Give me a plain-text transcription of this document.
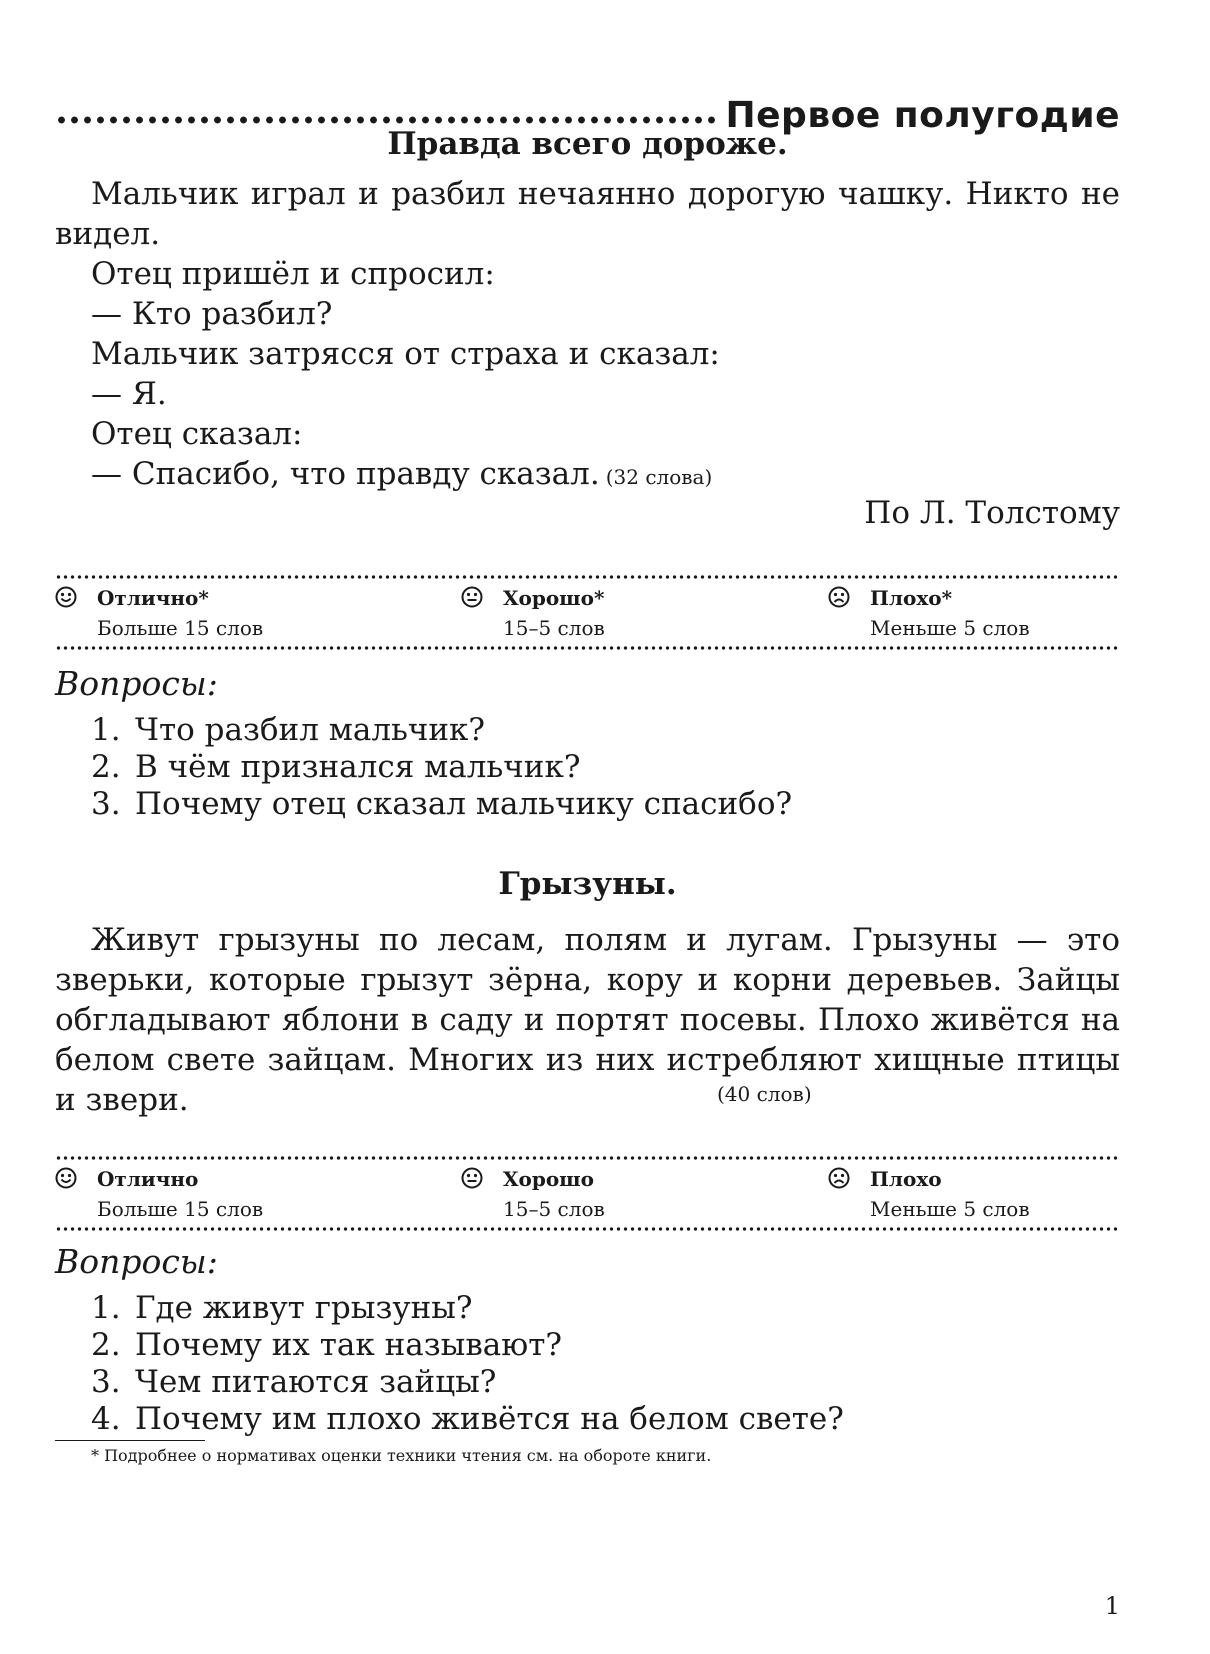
Первое полугодие
Правда всего дороже.
Мальчик играл и разбил нечаянно дорогую чашку. Никто не видел.
Отец пришёл и спросил:
— Кто разбил?
Мальчик затрясся от страха и сказал:
— Я.
Отец сказал:
— Спасибо, что правду сказал. (32 слова)
По Л. Толстому
Отлично*
Больше 15 слов
Хорошо*
15–5 слов
Плохо*
Меньше 5 слов
Вопросы:
1. Что разбил мальчик?
2. В чём признался мальчик?
3. Почему отец сказал мальчику спасибо?
Грызуны.
Живут грызуны по лесам, полям и лугам. Грызуны — это зверьки, которые грызут зёрна, кору и корни деревьев. Зайцы обгладывают яблони в саду и портят посевы. Плохо живётся на белом свете зайцам. Многих из них истребляют хищные птицы и звери.	(40 слов)
Отлично
Больше 15 слов
Хорошо
15–5 слов
Плохо
Меньше 5 слов
Вопросы:
1. Где живут грызуны?
2. Почему их так называют?
3. Чем питаются зайцы?
4. Почему им плохо живётся на белом свете?
* Подробнее о нормативах оценки техники чтения см. на обороте книги.
1
